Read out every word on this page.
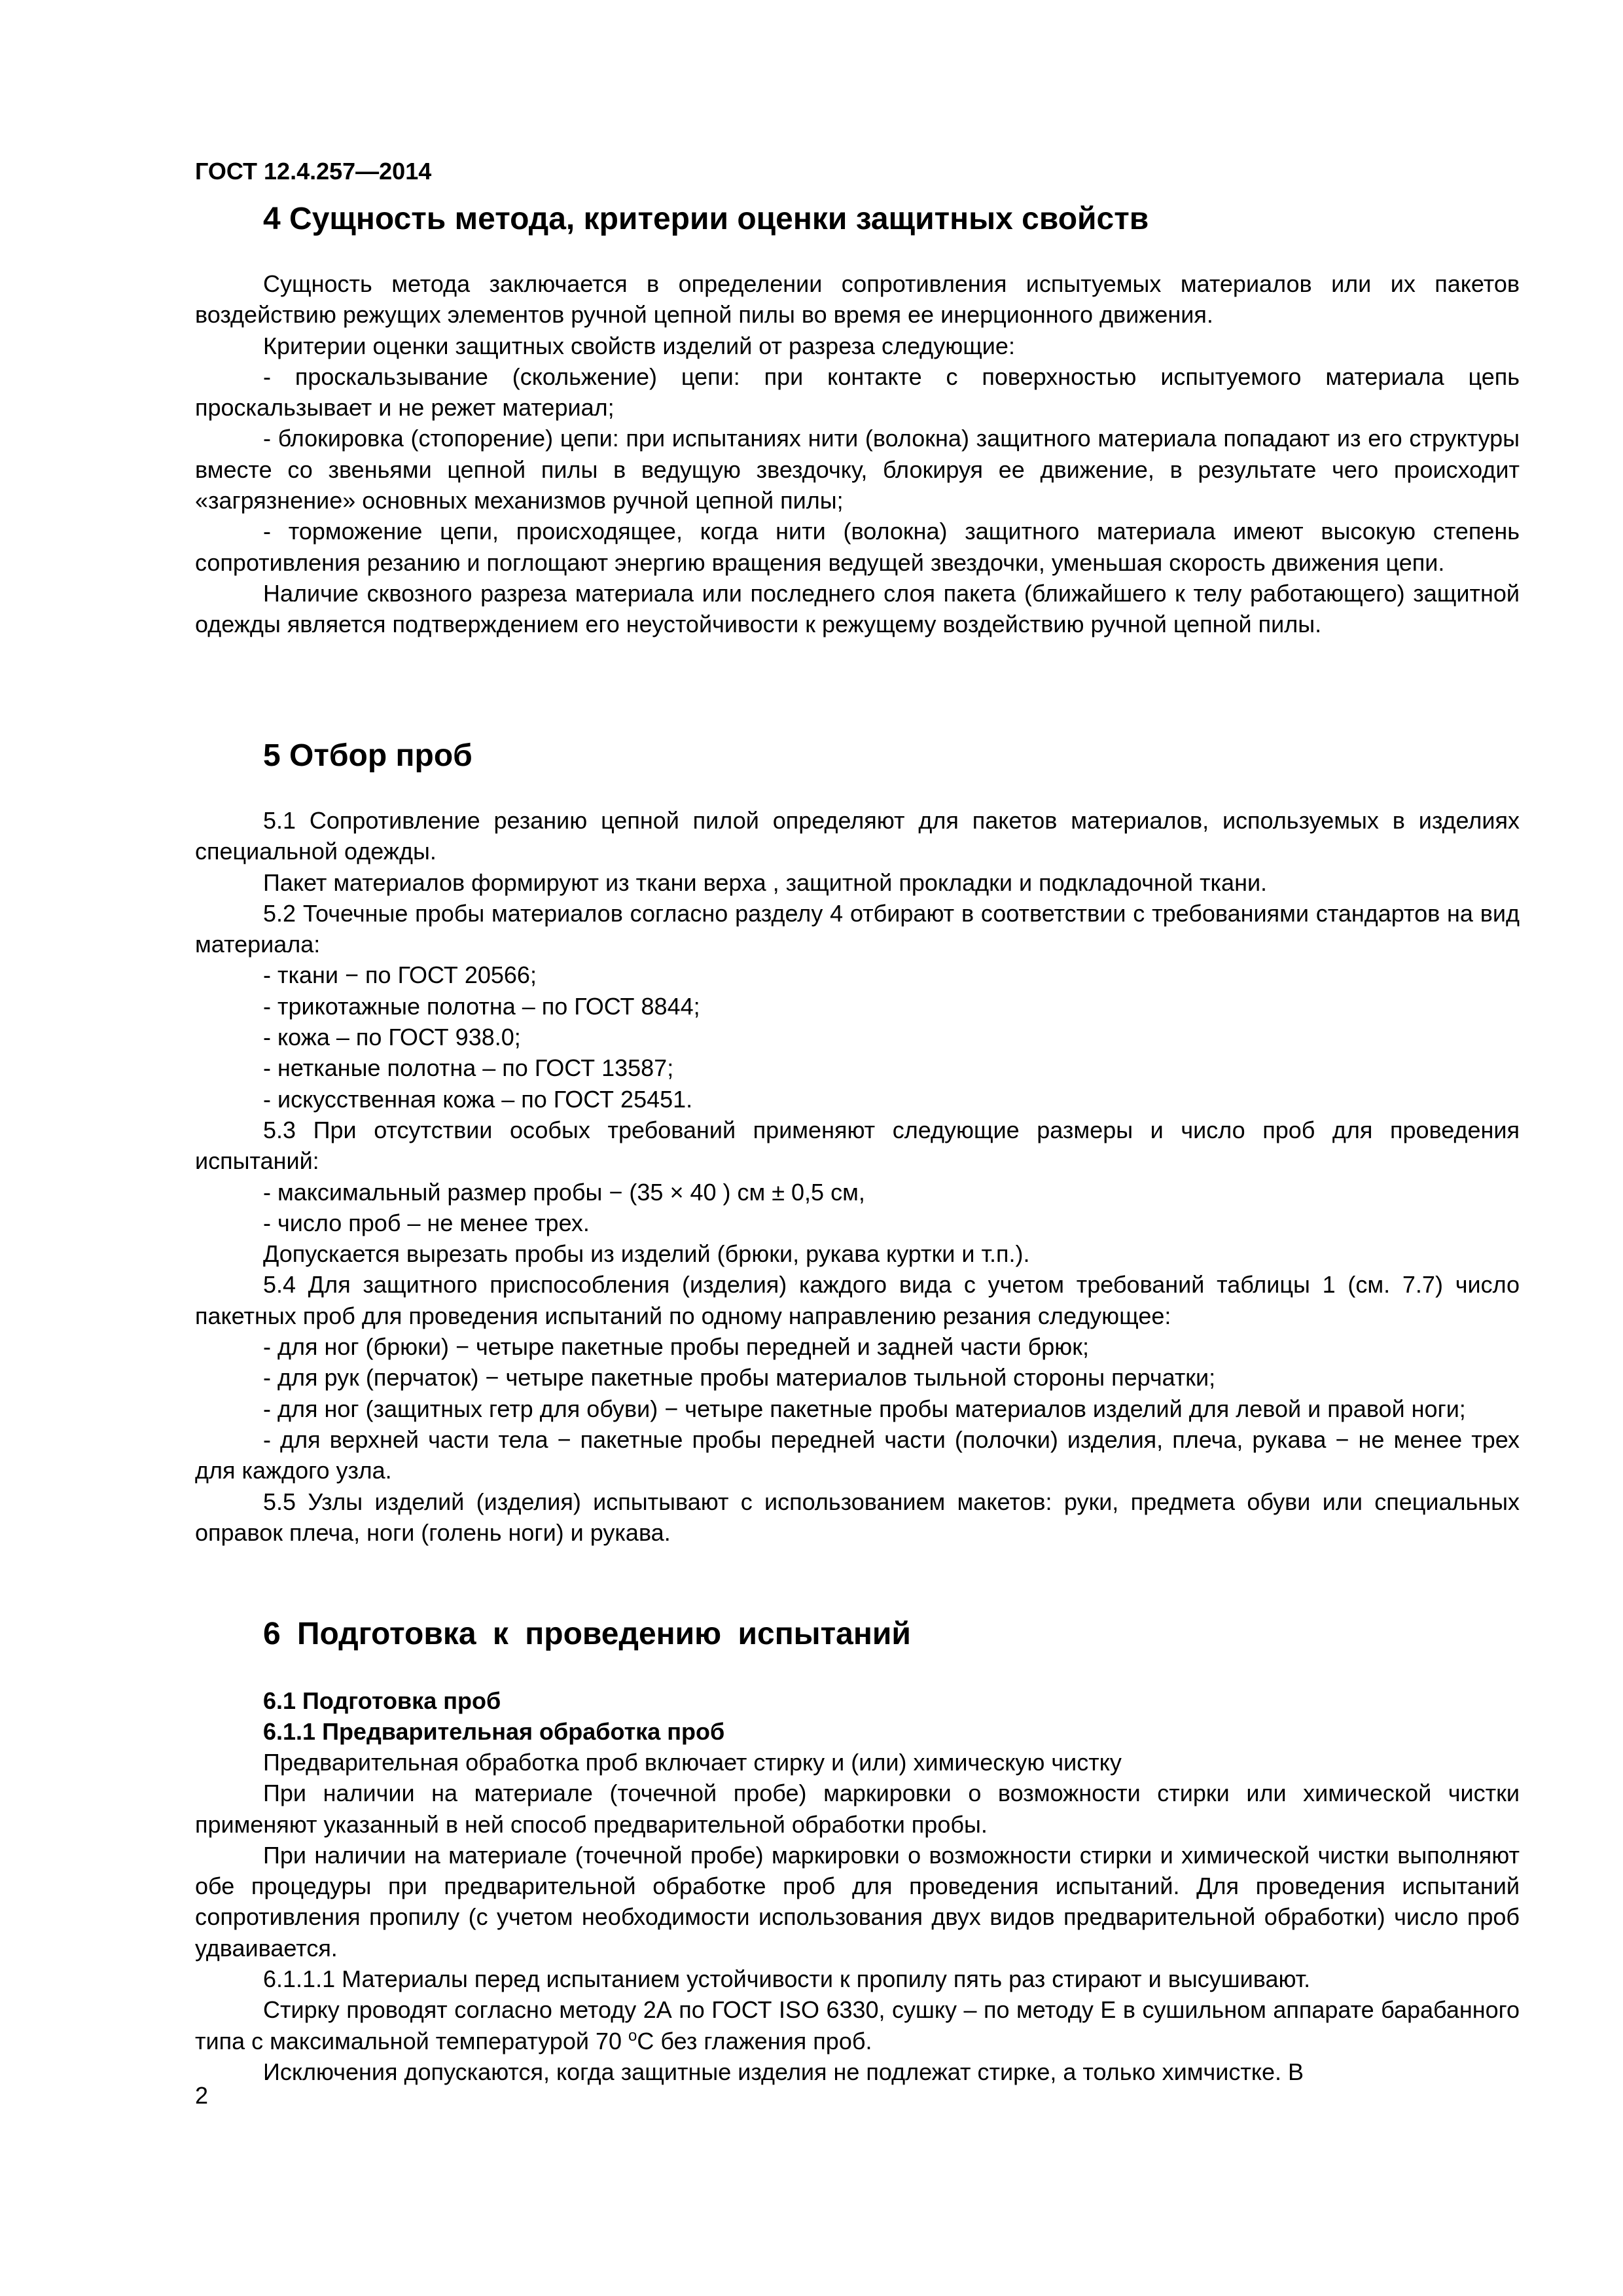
ГОСТ 12.4.257—2014
4 Сущность метода, критерии оценки защитных свойств

Сущность метода заключается в определении сопротивления испытуемых материалов или их пакетов воздействию режущих элементов ручной цепной пилы во время ее инерционного движения.

Критерии оценки защитных свойств изделий от разреза следующие:

- проскальзывание (скольжение) цепи: при контакте с поверхностью испытуемого материала цепь проскальзывает и не режет материал;

- блокировка (стопорение) цепи: при испытаниях нити (волокна) защитного материала попадают из его структуры вместе со звеньями цепной пилы в ведущую звездочку, блокируя ее движение, в результате чего происходит «загрязнение» основных механизмов ручной цепной пилы;

- торможение цепи, происходящее, когда нити (волокна) защитного материала имеют высокую степень сопротивления резанию и поглощают энергию вращения ведущей звездочки, уменьшая скорость движения цепи.

Наличие сквозного разреза материала или последнего слоя пакета (ближайшего к телу работающего) защитной одежды является подтверждением его неустойчивости к режущему воздействию ручной цепной пилы.

5 Отбор проб

5.1 Сопротивление резанию цепной пилой определяют для пакетов материалов, используемых в изделиях специальной одежды.

Пакет материалов формируют из ткани верха , защитной прокладки и подкладочной ткани.

5.2 Точечные пробы материалов согласно разделу 4 отбирают в соответствии с требованиями стандартов на вид материала:

- ткани − по ГОСТ 20566;

- трикотажные полотна – по ГОСТ 8844;

- кожа – по ГОСТ 938.0;

- нетканые полотна – по ГОСТ 13587;

- искусственная кожа – по ГОСТ 25451.

5.3 При отсутствии особых требований применяют следующие размеры и число проб для проведения испытаний:

- максимальный размер пробы − (35 × 40 ) см ± 0,5 см,

- число проб – не менее трех.

Допускается вырезать пробы из изделий (брюки, рукава куртки и т.п.).

5.4 Для защитного приспособления (изделия) каждого вида с учетом требований таблицы 1 (см. 7.7) число пакетных проб для проведения испытаний по одному направлению резания следующее:

- для ног (брюки) − четыре пакетные пробы передней и задней части брюк;

- для рук (перчаток) − четыре пакетные пробы материалов тыльной стороны перчатки;

- для ног (защитных гетр для обуви) − четыре пакетные пробы материалов изделий для левой и правой ноги;

- для верхней части тела − пакетные пробы передней части (полочки) изделия, плеча, рукава − не менее трех для каждого узла.

5.5 Узлы изделий (изделия) испытывают с использованием макетов: руки, предмета обуви или специальных оправок плеча, ноги (голень ноги) и рукава.

6 Подготовка к проведению испытаний
6.1 Подготовка проб
6.1.1 Предварительная обработка проб

Предварительная обработка проб включает стирку и (или) химическую чистку

При наличии на материале (точечной пробе) маркировки о возможности стирки или химической чистки применяют указанный в ней способ предварительной обработки пробы.

При наличии на материале (точечной пробе) маркировки о возможности стирки и химической чистки выполняют обе процедуры при предварительной обработке проб для проведения испытаний. Для проведения испытаний сопротивления пропилу (с учетом необходимости использования двух видов предварительной обработки) число проб удваивается.

6.1.1.1 Материалы перед испытанием устойчивости к пропилу пять раз стирают и высушивают.

Стирку проводят согласно методу 2А по ГОСТ ISO 6330, сушку – по методу Е в сушильном аппарате барабанного типа с максимальной температурой 70 $^o$С без глажения проб.

Исключения допускаются, когда защитные изделия не подлежат стирке, а только химчистке. В

2
